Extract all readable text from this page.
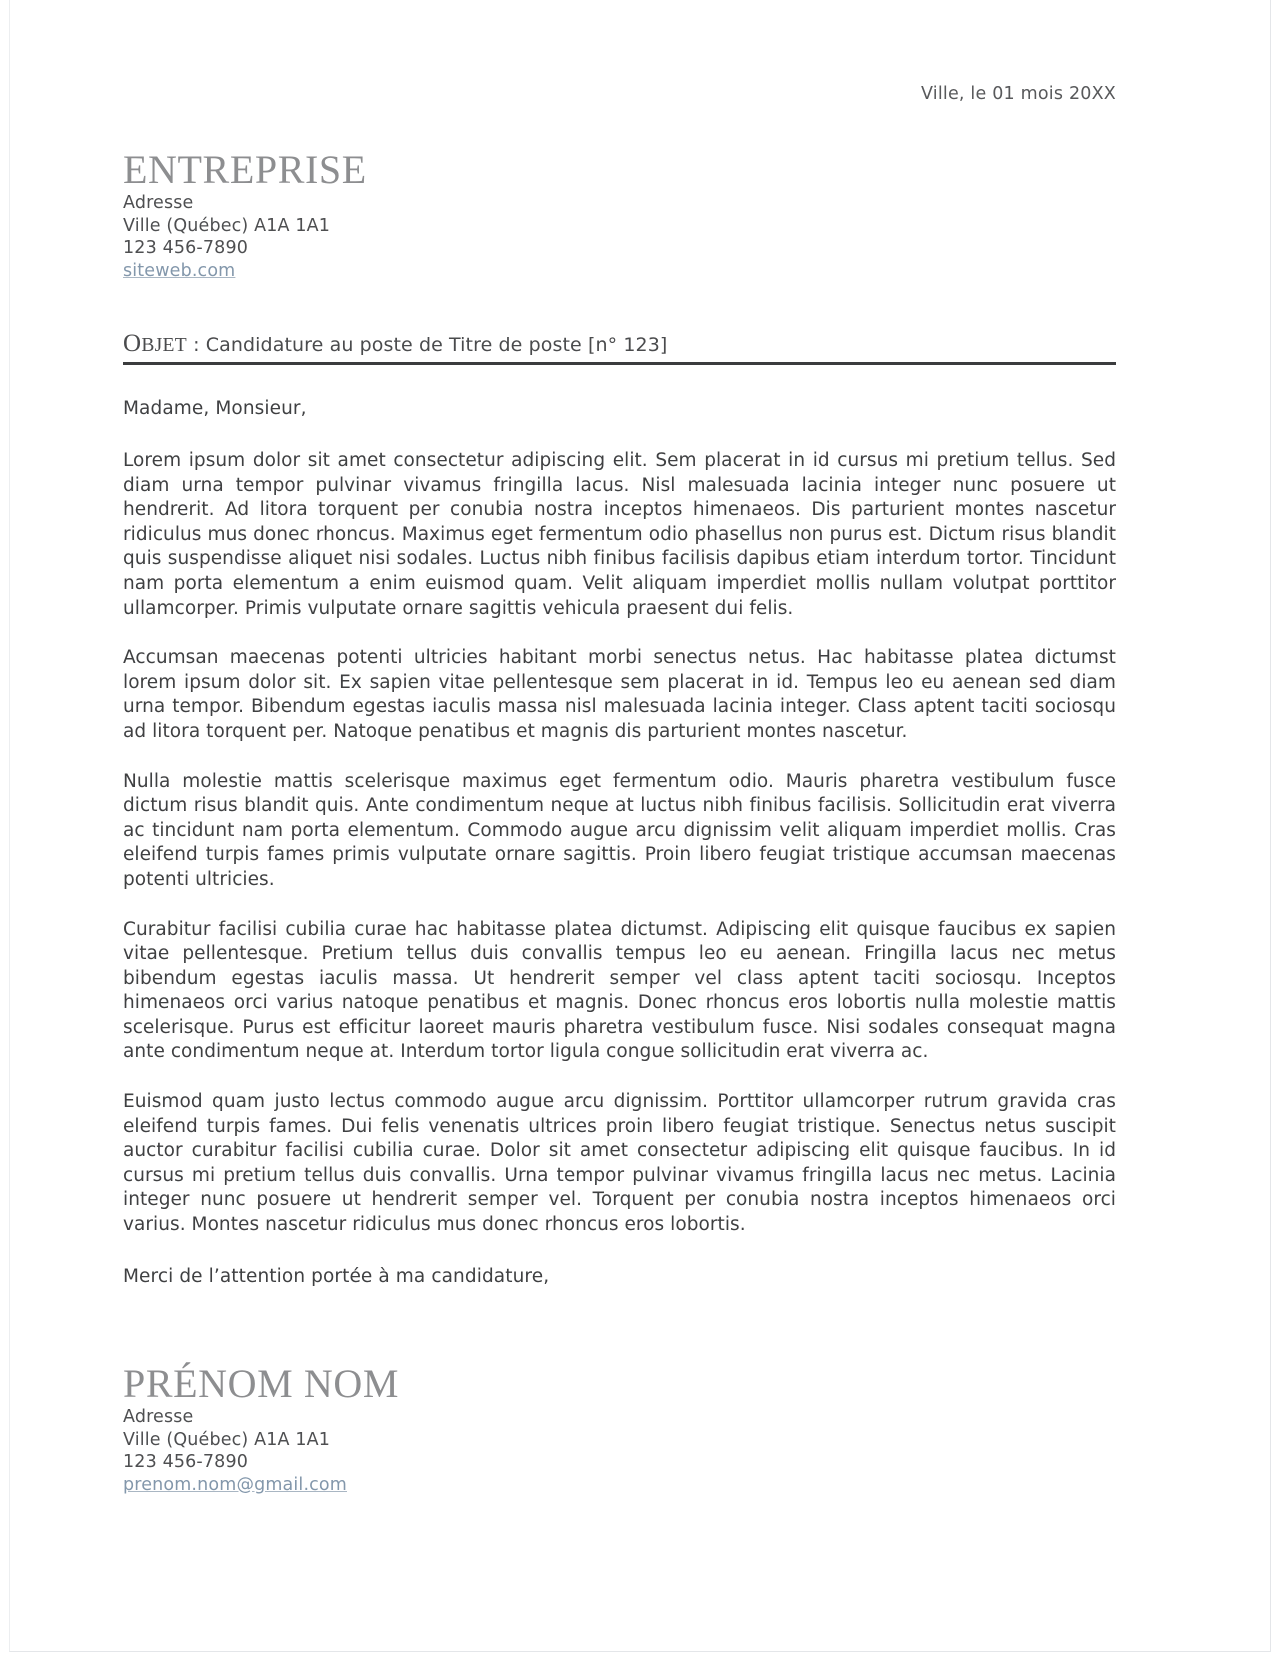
Ville, le 01 mois 20XX
ENTREPRISE
Adresse
Ville (Québec) A1A 1A1
123 456-7890
siteweb.com
OBJET : Candidature au poste de Titre de poste [n° 123]
Madame, Monsieur,

Lorem ipsum dolor sit amet consectetur adipiscing elit. Sem placerat in id cursus mi pretium tellus. Sed diam urna tempor pulvinar vivamus fringilla lacus. Nisl malesuada lacinia integer nunc posuere ut hendrerit. Ad litora torquent per conubia nostra inceptos himenaeos. Dis parturient montes nascetur ridiculus mus donec rhoncus. Maximus eget fermentum odio phasellus non purus est. Dictum risus blandit quis suspendisse aliquet nisi sodales. Luctus nibh finibus facilisis dapibus etiam interdum tortor. Tincidunt nam porta elementum a enim euismod quam. Velit aliquam imperdiet mollis nullam volutpat porttitor ullamcorper. Primis vulputate ornare sagittis vehicula praesent dui felis.

Accumsan maecenas potenti ultricies habitant morbi senectus netus. Hac habitasse platea dictumst lorem ipsum dolor sit. Ex sapien vitae pellentesque sem placerat in id. Tempus leo eu aenean sed diam urna tempor. Bibendum egestas iaculis massa nisl malesuada lacinia integer. Class aptent taciti sociosqu ad litora torquent per. Natoque penatibus et magnis dis parturient montes nascetur.

Nulla molestie mattis scelerisque maximus eget fermentum odio. Mauris pharetra vestibulum fusce dictum risus blandit quis. Ante condimentum neque at luctus nibh finibus facilisis. Sollicitudin erat viverra ac tincidunt nam porta elementum. Commodo augue arcu dignissim velit aliquam imperdiet mollis. Cras eleifend turpis fames primis vulputate ornare sagittis. Proin libero feugiat tristique accumsan maecenas potenti ultricies.

Curabitur facilisi cubilia curae hac habitasse platea dictumst. Adipiscing elit quisque faucibus ex sapien vitae pellentesque. Pretium tellus duis convallis tempus leo eu aenean. Fringilla lacus nec metus bibendum egestas iaculis massa. Ut hendrerit semper vel class aptent taciti sociosqu. Inceptos himenaeos orci varius natoque penatibus et magnis. Donec rhoncus eros lobortis nulla molestie mattis scelerisque. Purus est efficitur laoreet mauris pharetra vestibulum fusce. Nisi sodales consequat magna ante condimentum neque at. Interdum tortor ligula congue sollicitudin erat viverra ac.

Euismod quam justo lectus commodo augue arcu dignissim. Porttitor ullamcorper rutrum gravida cras eleifend turpis fames. Dui felis venenatis ultrices proin libero feugiat tristique. Senectus netus suscipit auctor curabitur facilisi cubilia curae. Dolor sit amet consectetur adipiscing elit quisque faucibus. In id cursus mi pretium tellus duis convallis. Urna tempor pulvinar vivamus fringilla lacus nec metus. Lacinia integer nunc posuere ut hendrerit semper vel. Torquent per conubia nostra inceptos himenaeos orci varius. Montes nascetur ridiculus mus donec rhoncus eros lobortis.

Merci de l’attention portée à ma candidature,

PRÉNOM NOM
Adresse
Ville (Québec) A1A 1A1
123 456-7890
prenom.nom@gmail.com
